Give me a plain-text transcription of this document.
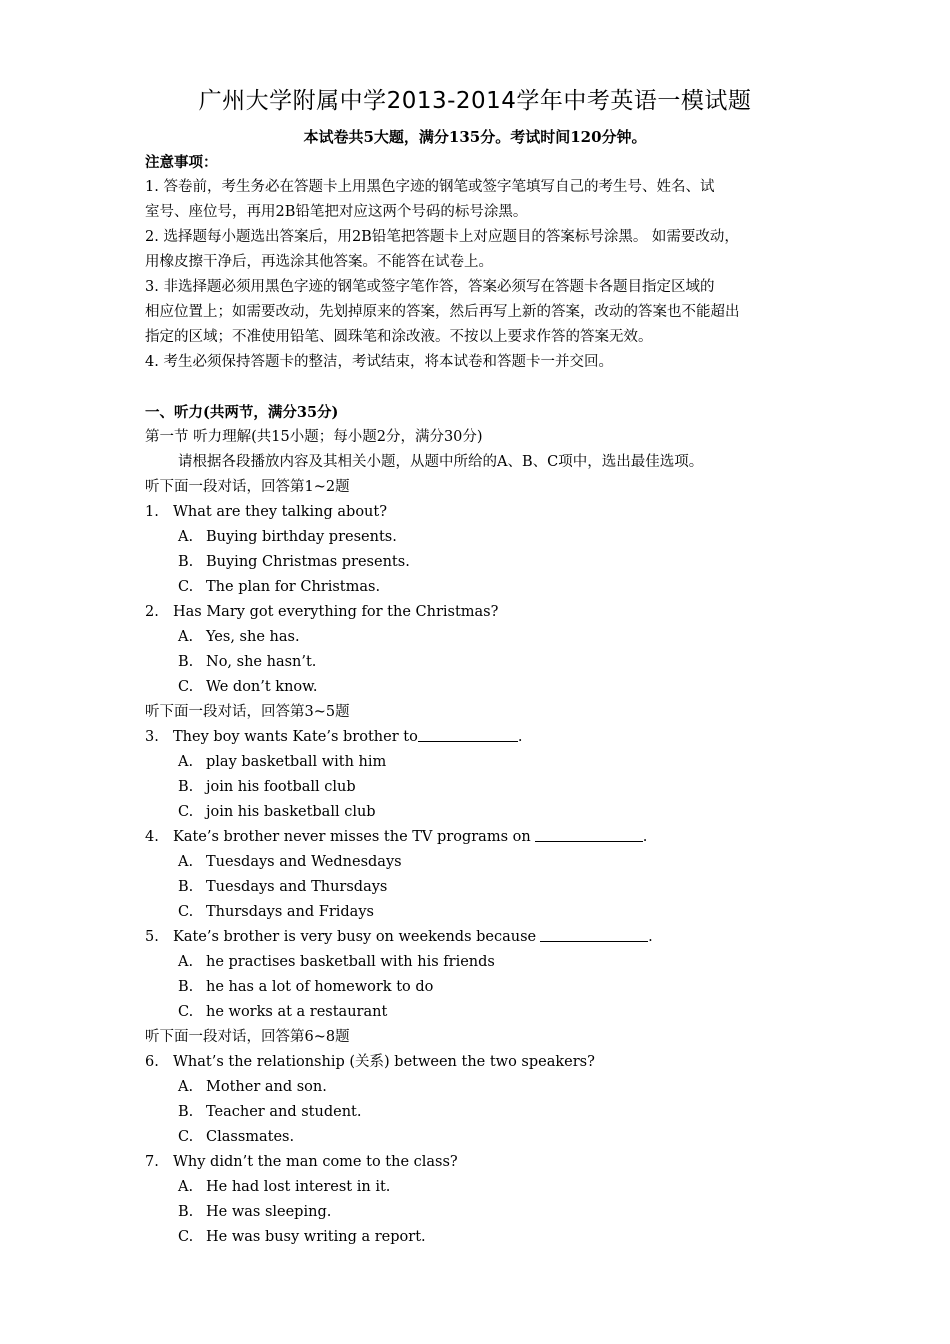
广州大学附属中学2013-2014学年中考英语一模试题
本试卷共5大题，满分135分。考试时间120分钟。
注意事项：
1. 答卷前，考生务必在答题卡上用黑色字迹的钢笔或签字笔填写自己的考生号、姓名、试
室号、座位号，再用2B铅笔把对应这两个号码的标号涂黑。
2. 选择题每小题选出答案后，用2B铅笔把答题卡上对应题目的答案标号涂黑。 如需要改动，
用橡皮擦干净后，再选涂其他答案。不能答在试卷上。
3. 非选择题必须用黑色字迹的钢笔或签字笔作答，答案必须写在答题卡各题目指定区域的
相应位置上；如需要改动，先划掉原来的答案，然后再写上新的答案，改动的答案也不能超出
指定的区域；不准使用铅笔、圆珠笔和涂改液。不按以上要求作答的答案无效。
4. 考生必须保持答题卡的整洁，考试结束，将本试卷和答题卡一并交回。
一、听力(共两节，满分35分)
第一节 听力理解(共15小题；每小题2分，满分30分)
请根据各段播放内容及其相关小题，从题中所给的A、B、C项中，选出最佳选项。
听下面一段对话，回答第1~2题
1. What are they talking about?
A. Buying birthday presents.
B. Buying Christmas presents.
C. The plan for Christmas.
2. Has Mary got everything for the Christmas?
A. Yes, she has.
B. No, she hasn’t.
C. We don’t know.
听下面一段对话，回答第3~5题
3. They boy wants Kate’s brother to	.
A. play basketball with him
B. join his football club
C. join his basketball club
4. Kate’s brother never misses the TV programs on	.
A. Tuesdays and Wednesdays
B. Tuesdays and Thursdays
C. Thursdays and Fridays
5. Kate’s brother is very busy on weekends because	.
A. he practises basketball with his friends
B. he has a lot of homework to do
C. he works at a restaurant
听下面一段对话，回答第6~8题
6. What’s the relationship (关系) between the two speakers?
A. Mother and son.
B. Teacher and student.
C. Classmates.
7. Why didn’t the man come to the class?
A. He had lost interest in it.
B. He was sleeping.
C. He was busy writing a report.
